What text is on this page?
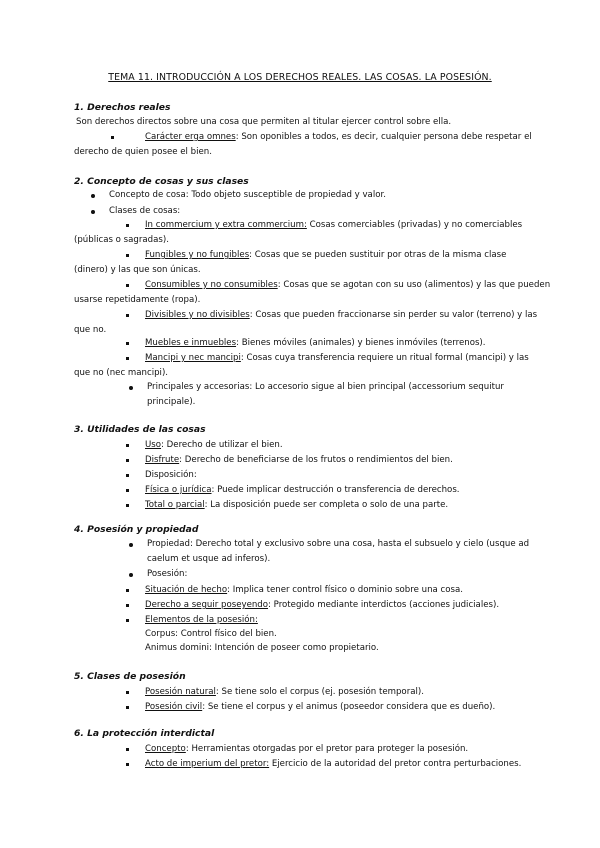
TEMA 11. INTRODUCCIÓN A LOS DERECHOS REALES. LAS COSAS. LA POSESIÓN.
1. Derechos reales
Son derechos directos sobre una cosa que permiten al titular ejercer control sobre ella.
Carácter erga omnes: Son oponibles a todos, es decir, cualquier persona debe respetar el
derecho de quien posee el bien.
2. Concepto de cosas y sus clases
Concepto de cosa: Todo objeto susceptible de propiedad y valor.
Clases de cosas:
In commercium y extra commercium: Cosas comerciables (privadas) y no comerciables
(públicas o sagradas).
Fungibles y no fungibles: Cosas que se pueden sustituir por otras de la misma clase
(dinero) y las que son únicas.
Consumibles y no consumibles: Cosas que se agotan con su uso (alimentos) y las que pueden
usarse repetidamente (ropa).
Divisibles y no divisibles: Cosas que pueden fraccionarse sin perder su valor (terreno) y las
que no.
Muebles e inmuebles: Bienes móviles (animales) y bienes inmóviles (terrenos).
Mancipi y nec mancipi: Cosas cuya transferencia requiere un ritual formal (mancipi) y las
que no (nec mancipi).
Principales y accesorias: Lo accesorio sigue al bien principal (accessorium sequitur
principale).
3. Utilidades de las cosas
Uso: Derecho de utilizar el bien.
Disfrute: Derecho de beneficiarse de los frutos o rendimientos del bien.
Disposición:
Física o jurídica: Puede implicar destrucción o transferencia de derechos.
Total o parcial: La disposición puede ser completa o solo de una parte.
4. Posesión y propiedad
Propiedad: Derecho total y exclusivo sobre una cosa, hasta el subsuelo y cielo (usque ad
caelum et usque ad inferos).
Posesión:
Situación de hecho: Implica tener control físico o dominio sobre una cosa.
Derecho a seguir poseyendo: Protegido mediante interdictos (acciones judiciales).
Elementos de la posesión:
Corpus: Control físico del bien.
Animus domini: Intención de poseer como propietario.
5. Clases de posesión
Posesión natural: Se tiene solo el corpus (ej. posesión temporal).
Posesión civil: Se tiene el corpus y el animus (poseedor considera que es dueño).
6. La protección interdictal
Concepto: Herramientas otorgadas por el pretor para proteger la posesión.
Acto de imperium del pretor: Ejercicio de la autoridad del pretor contra perturbaciones.
